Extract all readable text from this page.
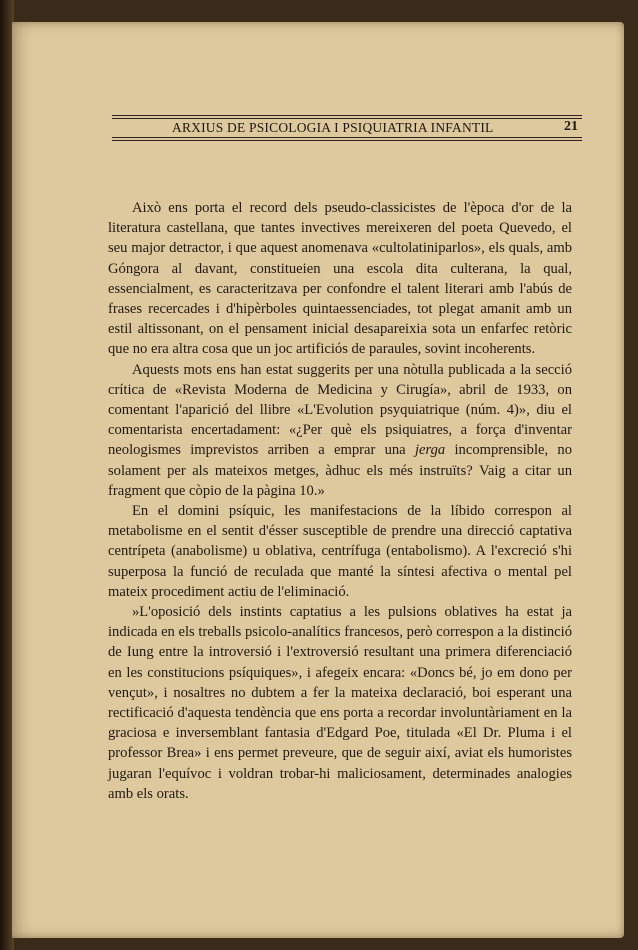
ARXIUS DE PSICOLOGIA I PSIQUIATRIA INFANTIL	21

Això ens porta el record dels pseudo-classicistes de l'època d'or de la literatura castellana, que tantes invectives mereixeren del poeta Quevedo, el seu major detractor, i que aquest anomenava «cultolatiniparlos», els quals, amb Góngora al davant, constitueien una escola dita culterana, la qual, essencialment, es caracteritzava per confondre el talent literari amb l'abús de frases recercades i d'hipèrboles quintaessenciades, tot plegat amanit amb un estil altissonant, on el pensament inicial desapareixia sota un enfarfec retòric que no era altra cosa que un joc artificiós de paraules, sovint incoherents.

Aquests mots ens han estat suggerits per una nòtulla publicada a la secció crítica de «Revista Moderna de Medicina y Cirugía», abril de 1933, on comentant l'aparició del llibre «L'Evolution psyquiatrique (núm. 4)», diu el comentarista encertadament: «¿Per què els psiquiatres, a força d'inventar neologismes imprevistos arriben a emprar una jerga incomprensible, no solament per als mateixos metges, àdhuc els més instruïts? Vaig a citar un fragment que còpio de la pàgina 10.»

En el domini psíquic, les manifestacions de la líbido correspon al metabolisme en el sentit d'ésser susceptible de prendre una direcció captativa centrípeta (anabolisme) u oblativa, centrífuga (entabolismo). A l'excreció s'hi superposa la funció de reculada que manté la síntesi afectiva o mental pel mateix procediment actiu de l'eliminació.

»L'oposició dels instints captatius a les pulsions oblatives ha estat ja indicada en els treballs psicolo-analítics francesos, però correspon a la distinció de Iung entre la introversió i l'extroversió resultant una primera diferenciació en les constitucions psíquiques», i afegeix encara: «Doncs bé, jo em dono per vençut», i nosaltres no dubtem a fer la mateixa declaració, boi esperant una rectificació d'aquesta tendència que ens porta a recordar involuntàriament en la graciosa e inversemblant fantasia d'Edgard Poe, titulada «El Dr. Pluma i el professor Brea» i ens permet preveure, que de seguir així, aviat els humoristes jugaran l'equívoc i voldran trobar-hi maliciosament, determinades analogies amb els orats.
